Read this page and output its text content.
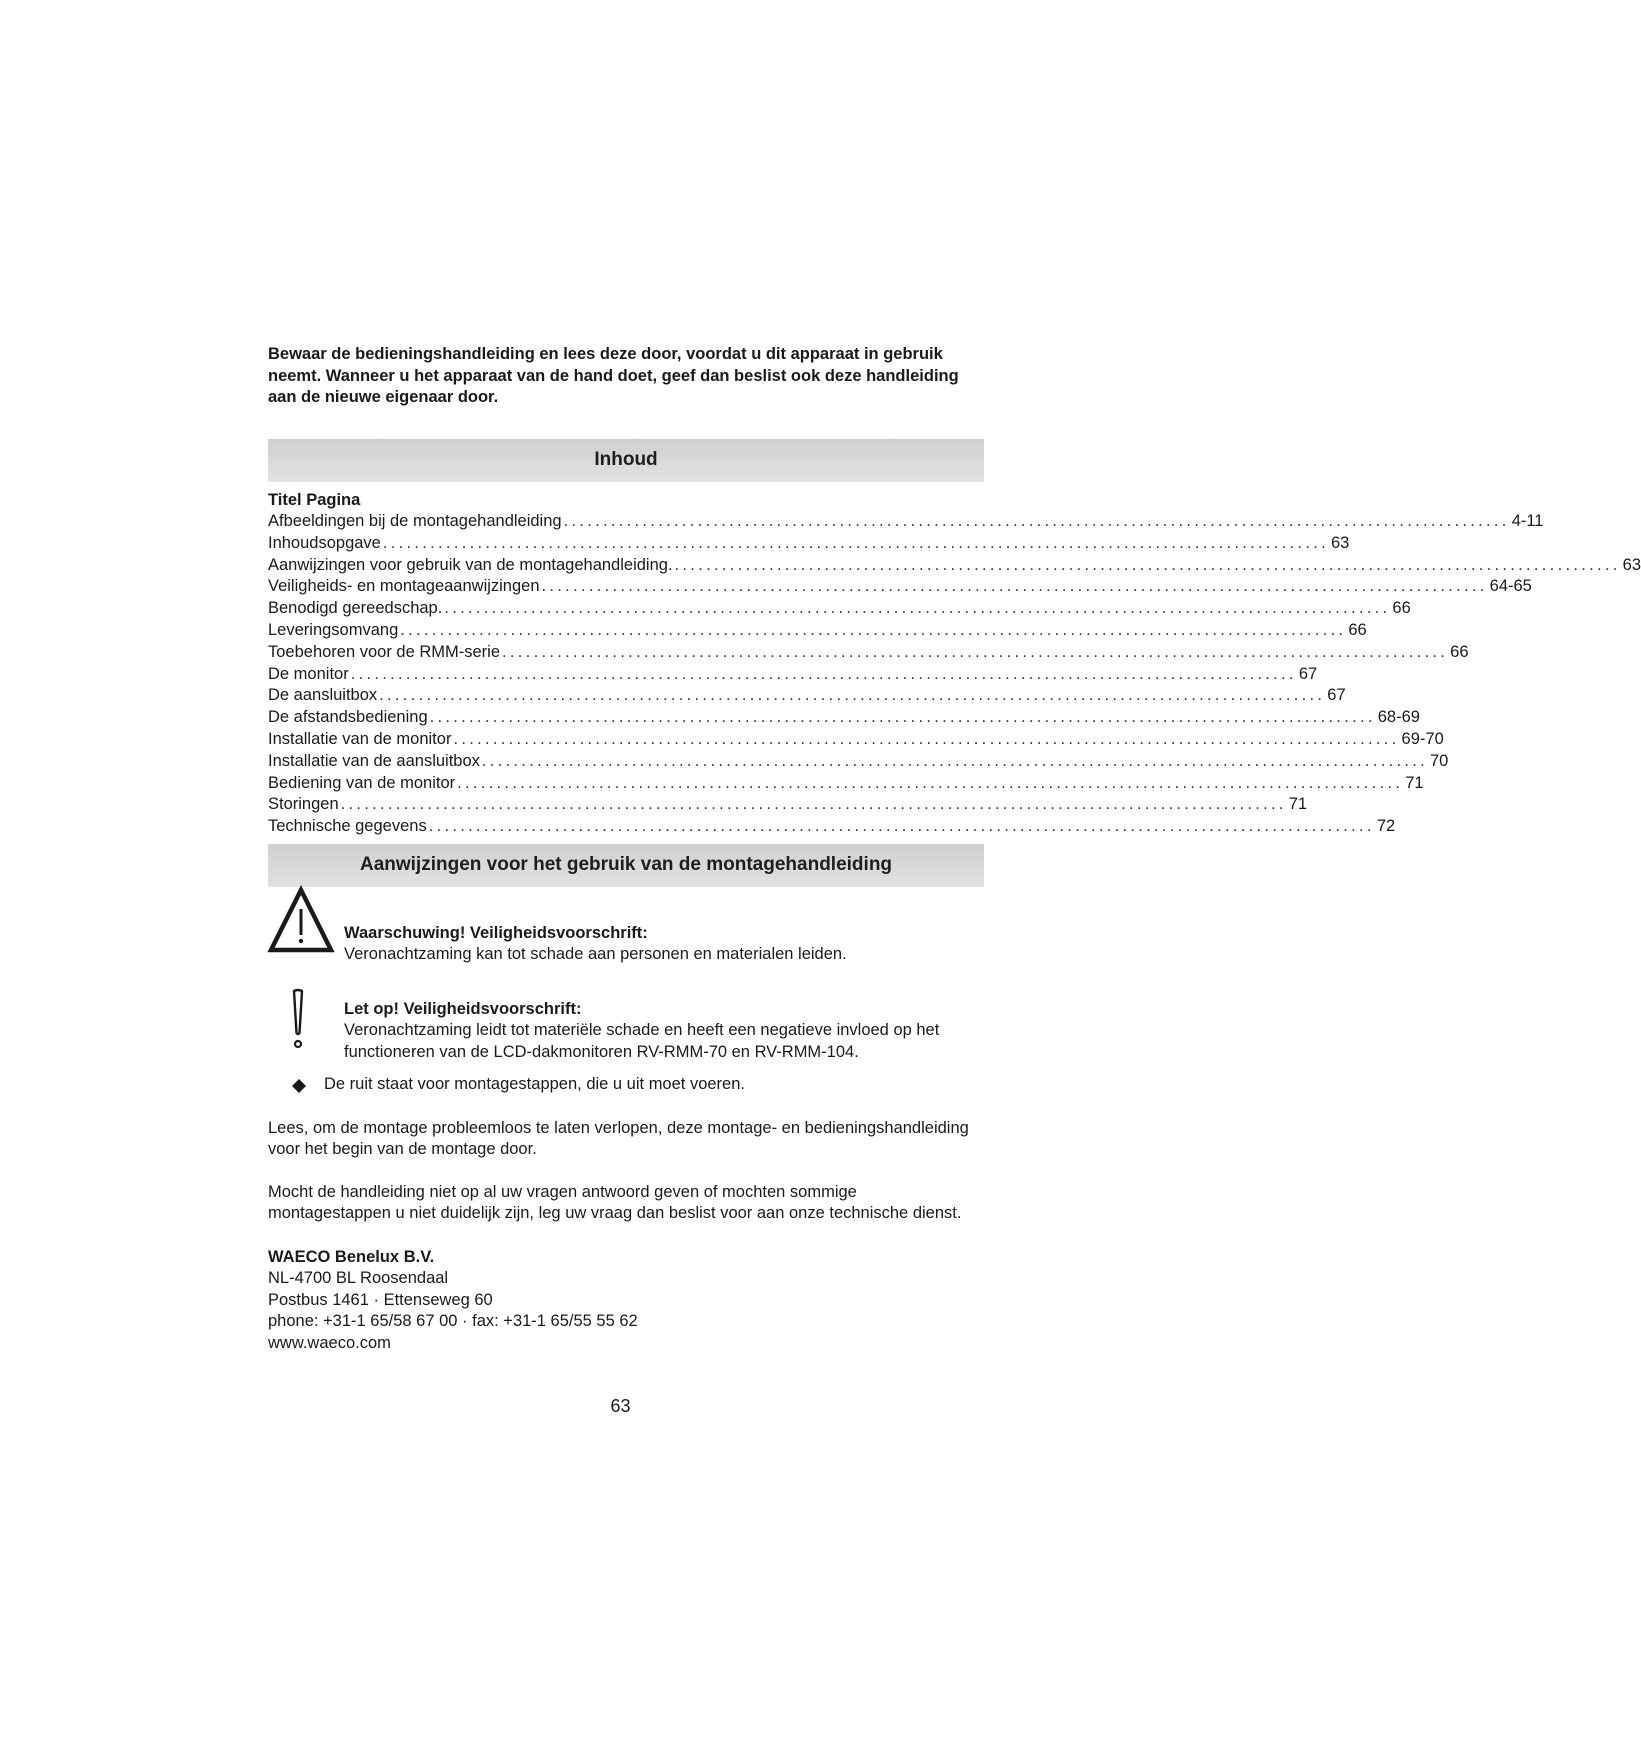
Bewaar de bedieningshandleiding en lees deze door, voordat u dit apparaat in gebruik neemt. Wanneer u het apparaat van de hand doet, geef dan beslist ook deze handleiding aan de nieuwe eigenaar door.

Inhoud
Titel Pagina
Afbeeldingen bij de montagehandleiding ........................................................................................................................ 4-11
Inhoudsopgave ........................................................................................................................ 63
Aanwijzingen voor gebruik van de montagehandleiding. ........................................................................................................................ 63
Veiligheids- en montageaanwijzingen ........................................................................................................................ 64-65
Benodigd gereedschap. ........................................................................................................................ 66
Leveringsomvang ........................................................................................................................ 66
Toebehoren voor de RMM-serie ........................................................................................................................ 66
De monitor ........................................................................................................................ 67
De aansluitbox ........................................................................................................................ 67
De afstandsbediening ........................................................................................................................ 68-69
Installatie van de monitor ........................................................................................................................ 69-70
Installatie van de aansluitbox ........................................................................................................................ 70
Bediening van de monitor ........................................................................................................................ 71
Storingen ........................................................................................................................ 71
Technische gegevens ........................................................................................................................ 72
Aanwijzingen voor het gebruik van de montagehandleiding
Waarschuwing! Veiligheidsvoorschrift:
Veronachtzaming kan tot schade aan personen en materialen leiden.
Let op! Veiligheidsvoorschrift:
Veronachtzaming leidt tot materiële schade en heeft een negatieve invloed op het functioneren van de LCD-dakmonitoren RV-RMM-70 en RV-RMM-104.
De ruit staat voor montagestappen, die u uit moet voeren.

Lees, om de montage probleemloos te laten verlopen, deze montage- en bedieningshandleiding voor het begin van de montage door.

Mocht de handleiding niet op al uw vragen antwoord geven of mochten sommige montagestappen u niet duidelijk zijn, leg uw vraag dan beslist voor aan onze technische dienst.

WAECO Benelux B.V.
NL-4700 BL Roosendaal
Postbus 1461 · Ettenseweg 60
phone: +31-1 65/58 67 00 · fax: +31-1 65/55 55 62
www.waeco.com
63
